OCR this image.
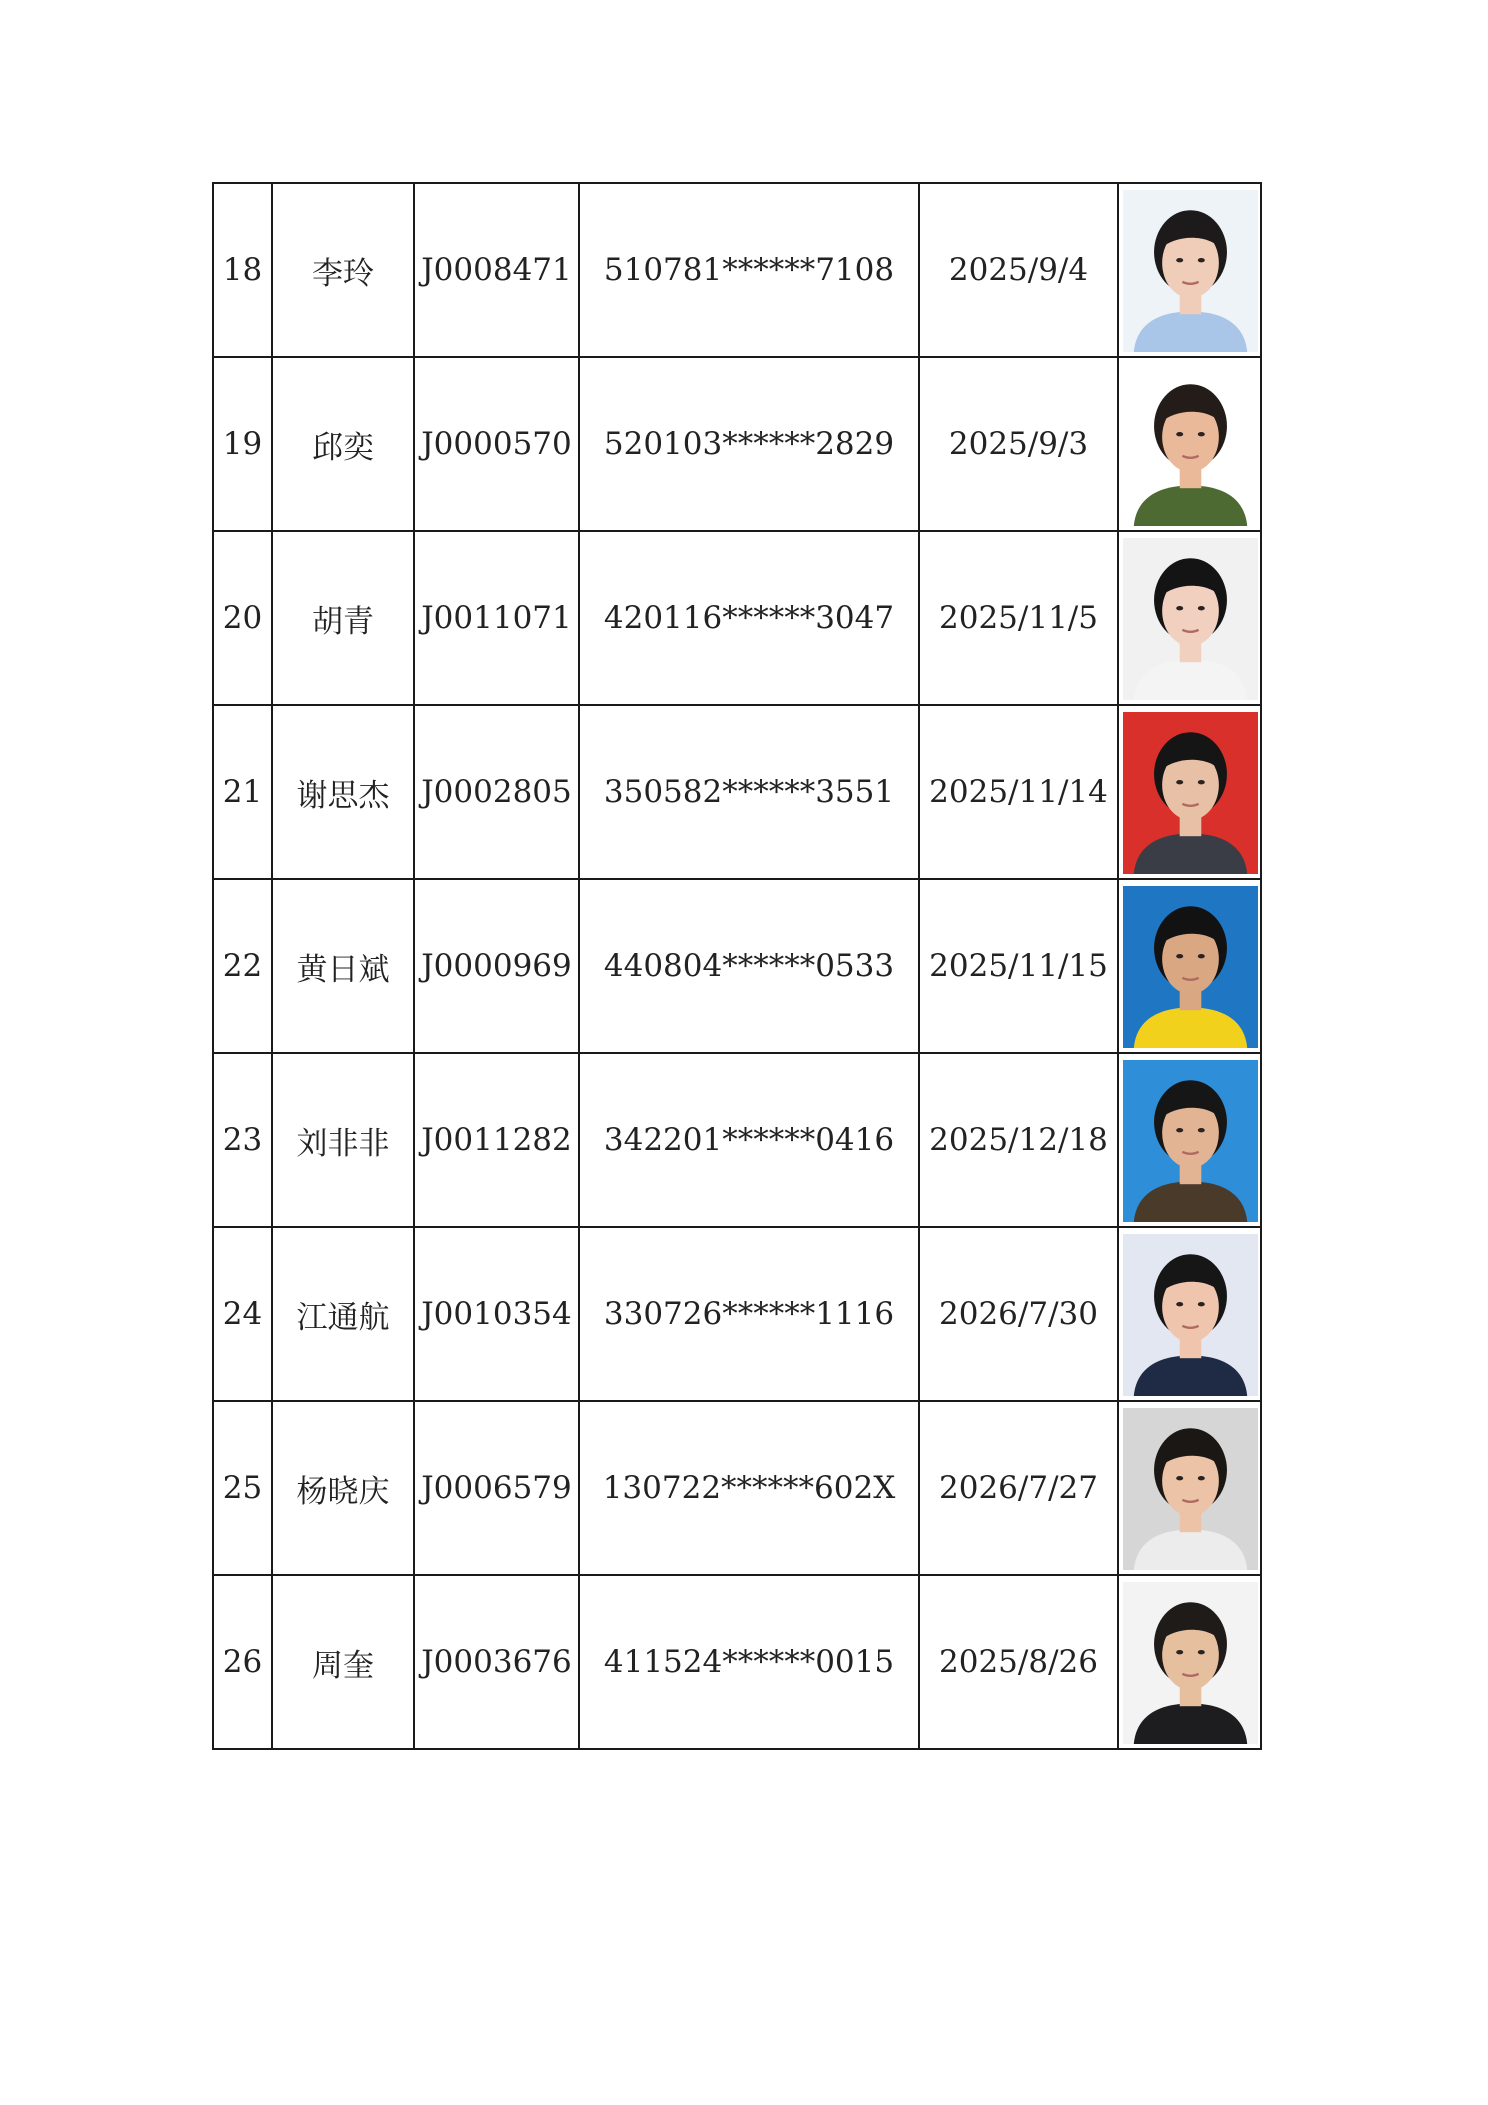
18	李玲	J0008471	510781******7108	2025/9/4	

19	邱奕	J0000570	520103******2829	2025/9/3	

20	胡青	J0011071	420116******3047	2025/11/5	

21	谢思杰	J0002805	350582******3551	2025/11/14	

22	黄日斌	J0000969	440804******0533	2025/11/15	

23	刘非非	J0011282	342201******0416	2025/12/18	

24	江通航	J0010354	330726******1116	2026/7/30	

25	杨晓庆	J0006579	130722******602X	2026/7/27	

26	周奎	J0003676	411524******0015	2025/8/26	
